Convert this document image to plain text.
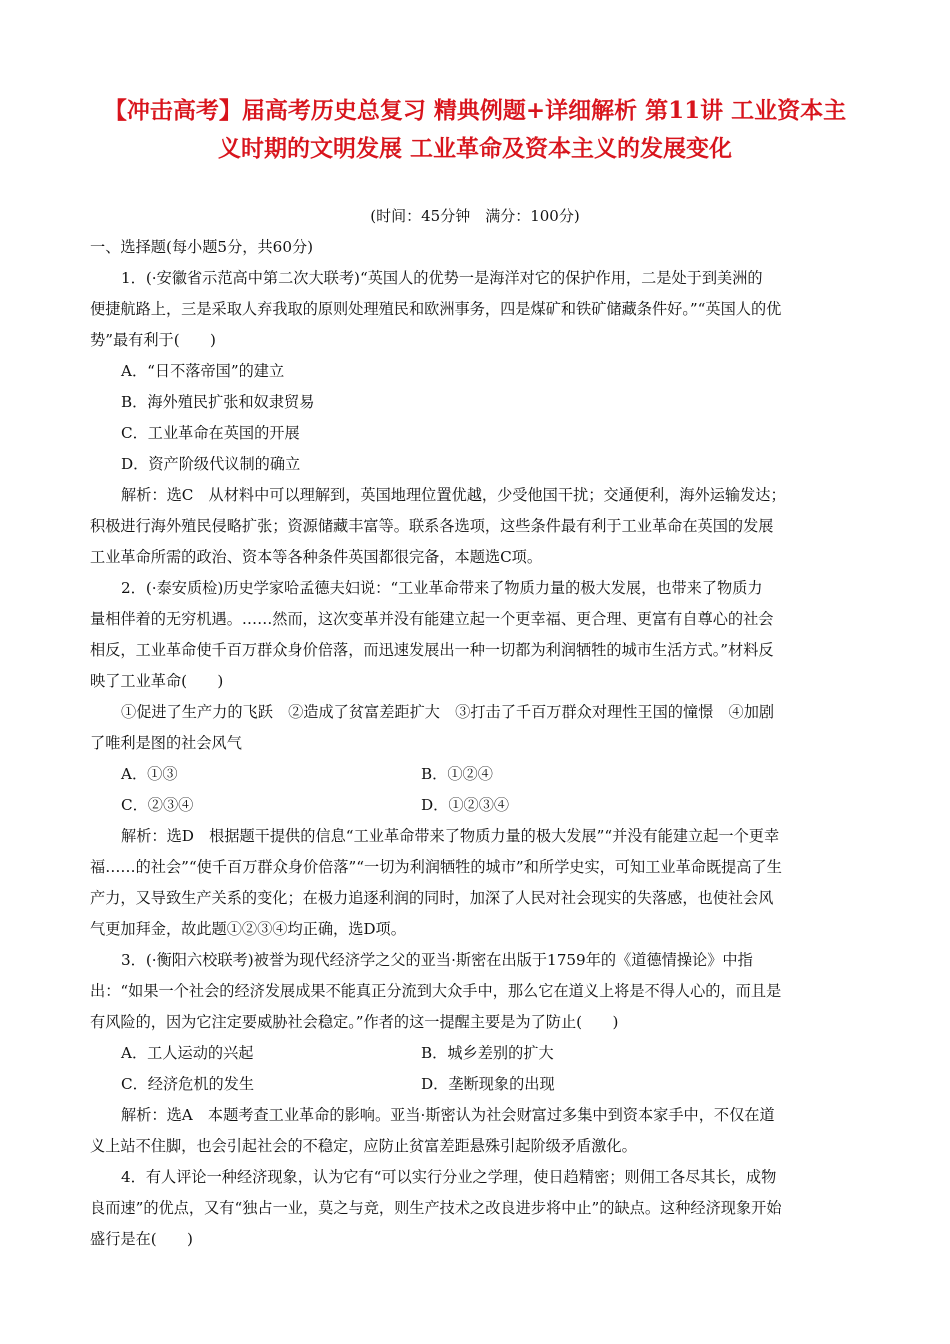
【冲击高考】届高考历史总复习 精典例题+详细解析 第11讲 工业资本主
义时期的文明发展 工业革命及资本主义的发展变化
(时间：45分钟　满分：100分)
一、选择题(每小题5分，共60分)
1．(·安徽省示范高中第二次大联考)“英国人的优势一是海洋对它的保护作用，二是处于到美洲的
便捷航路上，三是采取人弃我取的原则处理殖民和欧洲事务，四是煤矿和铁矿储藏条件好。”“英国人的优
势”最有利于(　　)
A．“日不落帝国”的建立
B．海外殖民扩张和奴隶贸易
C．工业革命在英国的开展
D．资产阶级代议制的确立
解析：选C　从材料中可以理解到，英国地理位置优越，少受他国干扰；交通便利，海外运输发达；
积极进行海外殖民侵略扩张；资源储藏丰富等。联系各选项，这些条件最有利于工业革命在英国的发展
工业革命所需的政治、资本等各种条件英国都很完备，本题选C项。
2．(·泰安质检)历史学家哈孟德夫妇说：“工业革命带来了物质力量的极大发展，也带来了物质力
量相伴着的无穷机遇。……然而，这次变革并没有能建立起一个更幸福、更合理、更富有自尊心的社会
相反，工业革命使千百万群众身价倍落，而迅速发展出一种一切都为利润牺牲的城市生活方式。”材料反
映了工业革命(　　)
①促进了生产力的飞跃　②造成了贫富差距扩大　③打击了千百万群众对理性王国的憧憬　④加剧
了唯利是图的社会风气
A．①③	B．①②④
C．②③④	D．①②③④
解析：选D　根据题干提供的信息“工业革命带来了物质力量的极大发展”“并没有能建立起一个更幸
福……的社会”“使千百万群众身价倍落”“一切为利润牺牲的城市”和所学史实，可知工业革命既提高了生
产力，又导致生产关系的变化；在极力追逐利润的同时，加深了人民对社会现实的失落感，也使社会风
气更加拜金，故此题①②③④均正确，选D项。
3．(·衡阳六校联考)被誉为现代经济学之父的亚当·斯密在出版于1759年的《道德情操论》中指
出：“如果一个社会的经济发展成果不能真正分流到大众手中，那么它在道义上将是不得人心的，而且是
有风险的，因为它注定要威胁社会稳定。”作者的这一提醒主要是为了防止(　　)
A．工人运动的兴起	B．城乡差别的扩大
C．经济危机的发生	D．垄断现象的出现
解析：选A　本题考查工业革命的影响。亚当·斯密认为社会财富过多集中到资本家手中，不仅在道
义上站不住脚，也会引起社会的不稳定，应防止贫富差距悬殊引起阶级矛盾激化。
4．有人评论一种经济现象，认为它有“可以实行分业之学理，使日趋精密；则佣工各尽其长，成物
良而速”的优点，又有“独占一业，莫之与竞，则生产技术之改良进步将中止”的缺点。这种经济现象开始
盛行是在(　　)
